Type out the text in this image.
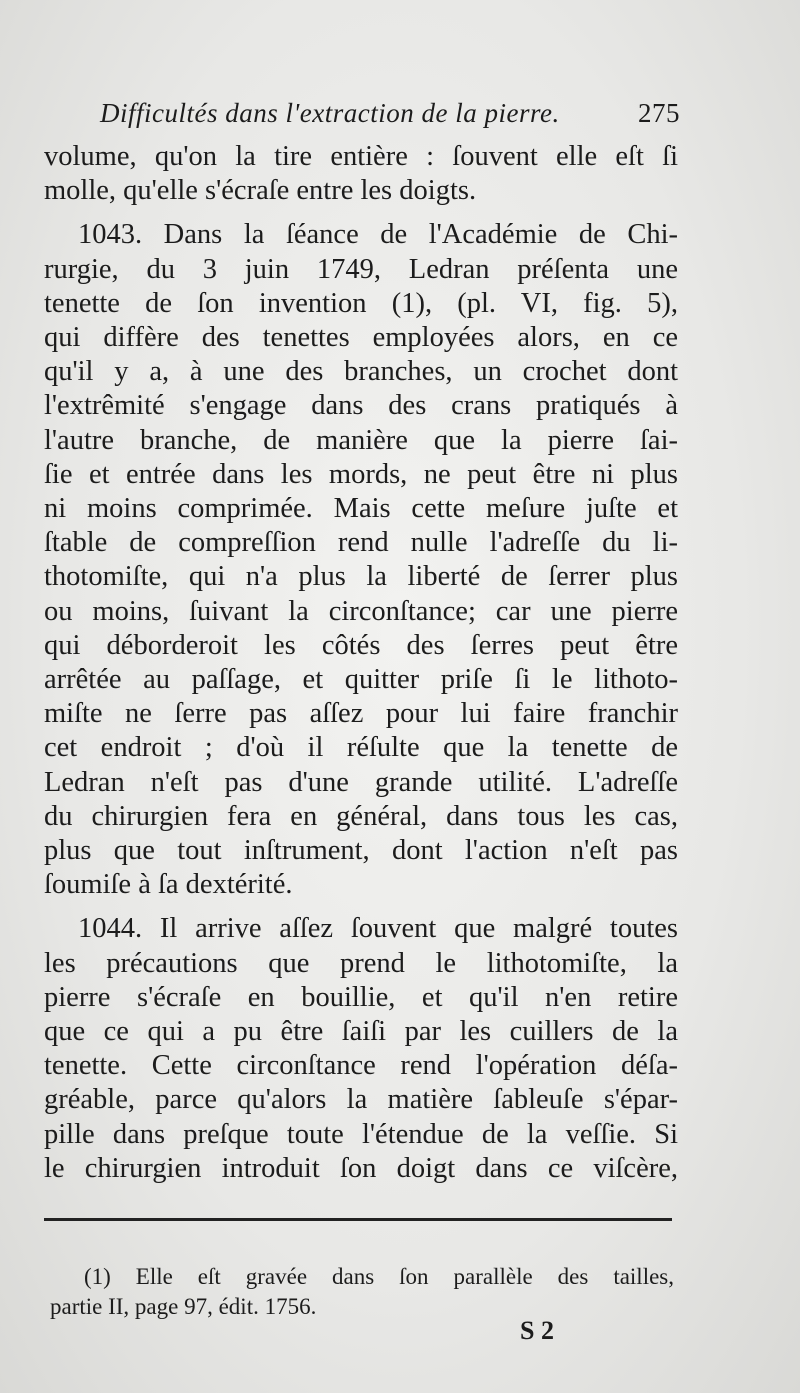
Difficultés dans l'extraction de la pierre.	275
volume, qu'on la tire entière : ſouvent elle eſt ſi
molle, qu'elle s'écraſe entre les doigts.
1043. Dans la ſéance de l'Académie de Chi-
rurgie, du 3 juin 1749, Ledran préſenta une
tenette de ſon invention (1), (pl. VI, fig. 5),
qui diffère des tenettes employées alors, en ce
qu'il y a, à une des branches, un crochet dont
l'extrêmité s'engage dans des crans pratiqués à
l'autre branche, de manière que la pierre ſai-
ſie et entrée dans les mords, ne peut être ni plus
ni moins comprimée. Mais cette meſure juſte et
ſtable de compreſſion rend nulle l'adreſſe du li-
thotomiſte, qui n'a plus la liberté de ſerrer plus
ou moins, ſuivant la circonſtance; car une pierre
qui déborderoit les côtés des ſerres peut être
arrêtée au paſſage, et quitter priſe ſi le lithoto-
miſte ne ſerre pas aſſez pour lui faire franchir
cet endroit ; d'où il réſulte que la tenette de
Ledran n'eſt pas d'une grande utilité. L'adreſſe
du chirurgien fera en général, dans tous les cas,
plus que tout inſtrument, dont l'action n'eſt pas
ſoumiſe à ſa dextérité.
1044. Il arrive aſſez ſouvent que malgré toutes
les précautions que prend le lithotomiſte, la
pierre s'écraſe en bouillie, et qu'il n'en retire
que ce qui a pu être ſaiſi par les cuillers de la
tenette. Cette circonſtance rend l'opération déſa-
gréable, parce qu'alors la matière ſableuſe s'épar-
pille dans preſque toute l'étendue de la veſſie. Si
le chirurgien introduit ſon doigt dans ce viſcère,
(1) Elle eſt gravée dans ſon parallèle des tailles,
partie II, page 97, édit. 1756.
S 2
